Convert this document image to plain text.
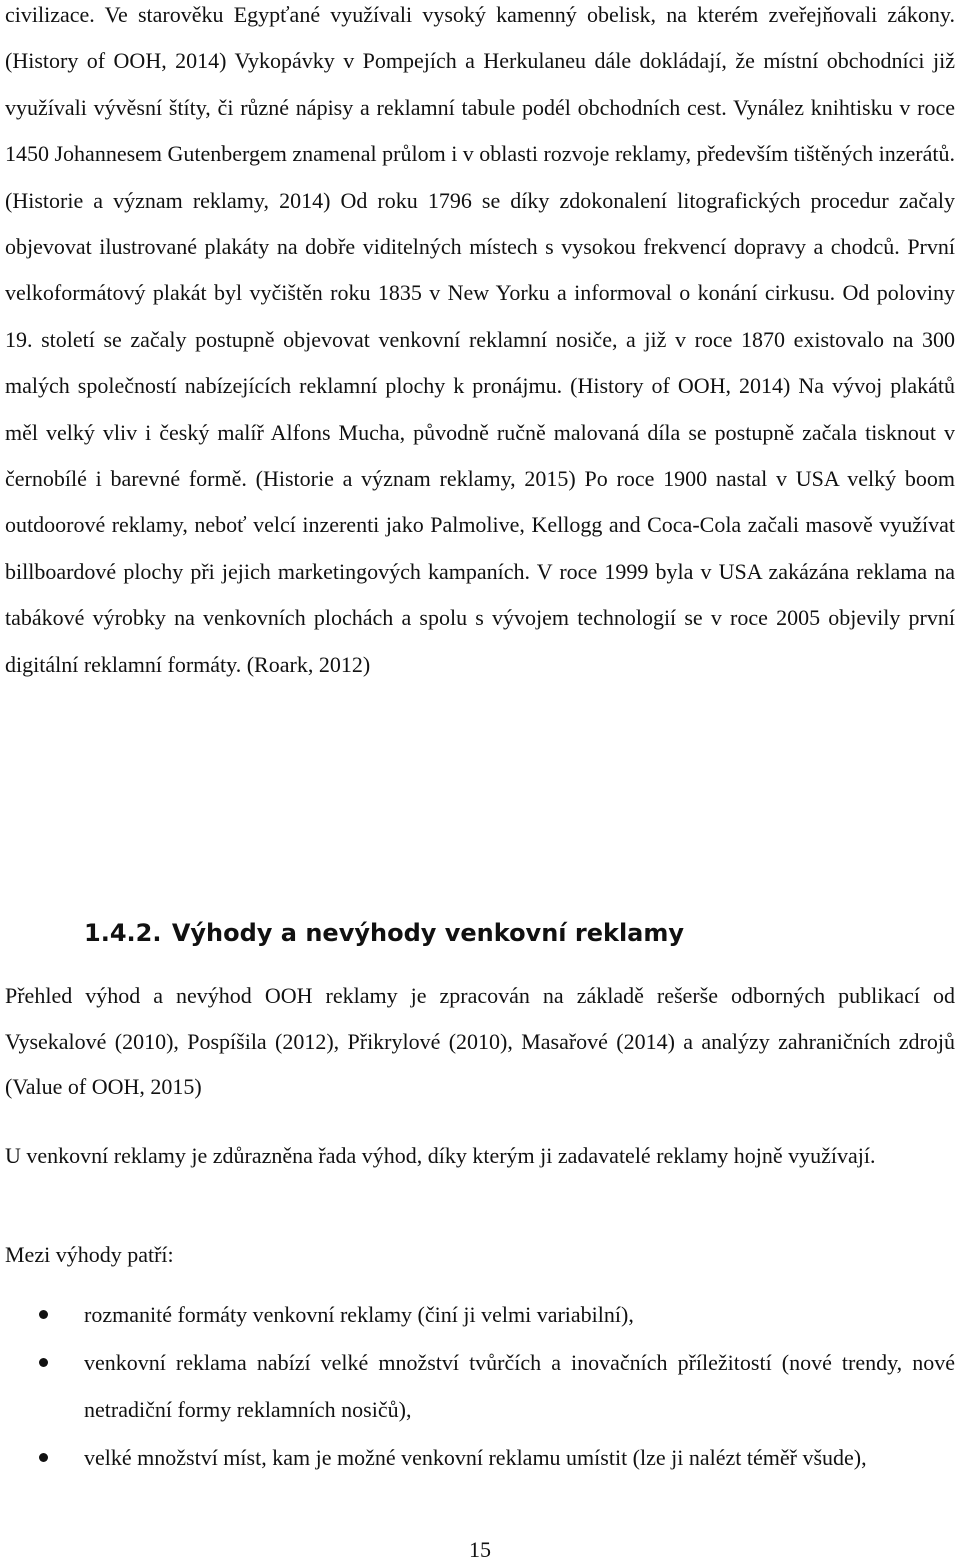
civilizace. Ve starověku Egypťané využívali vysoký kamenný obelisk, na kterém zveřejňovali zákony. (History of OOH, 2014) Vykopávky v Pompejích a Herkulaneu dále dokládají, že místní obchodníci již využívali vývěsní štíty, či různé nápisy a reklamní tabule podél obchodních cest. Vynález knihtisku v roce 1450 Johannesem Gutenbergem znamenal průlom i v oblasti rozvoje reklamy, především tištěných inzerátů. (Historie a význam reklamy, 2014) Od roku 1796 se díky zdokonalení litografických procedur začaly objevovat ilustrované plakáty na dobře viditelných místech s vysokou frekvencí dopravy a chodců. První velkoformátový plakát byl vyčištěn roku 1835 v New Yorku a informoval o konání cirkusu. Od poloviny 19. století se začaly postupně objevovat venkovní reklamní nosiče, a již v roce 1870 existovalo na 300 malých společností nabízejících reklamní plochy k pronájmu. (History of OOH, 2014) Na vývoj plakátů měl velký vliv i český malíř Alfons Mucha, původně ručně malovaná díla se postupně začala tisknout v černobílé i barevné formě. (Historie a význam reklamy, 2015) Po roce 1900 nastal v USA velký boom outdoorové reklamy, neboť velcí inzerenti jako Palmolive, Kellogg and Coca-Cola začali masově využívat billboardové plochy při jejich marketingových kampaních. V roce 1999 byla v USA zakázána reklama na tabákové výrobky na venkovních plochách a spolu s vývojem technologií se v roce 2005 objevily první digitální reklamní formáty. (Roark, 2012)

1.4.2. Výhody a nevýhody venkovní reklamy

Přehled výhod a nevýhod OOH reklamy je zpracován na základě rešerše odborných publikací od Vysekalové (2010), Pospíšila (2012), Přikrylové (2010), Masařové (2014) a analýzy zahraničních zdrojů (Value of OOH, 2015)

U venkovní reklamy je zdůrazněna řada výhod, díky kterým ji zadavatelé reklamy hojně využívají.

Mezi výhody patří:

rozmanité formáty venkovní reklamy (činí ji velmi variabilní),
venkovní reklama nabízí velké množství tvůrčích a inovačních příležitostí (nové trendy, nové netradiční formy reklamních nosičů),
velké množství míst, kam je možné venkovní reklamu umístit (lze ji nalézt téměř všude),
15
